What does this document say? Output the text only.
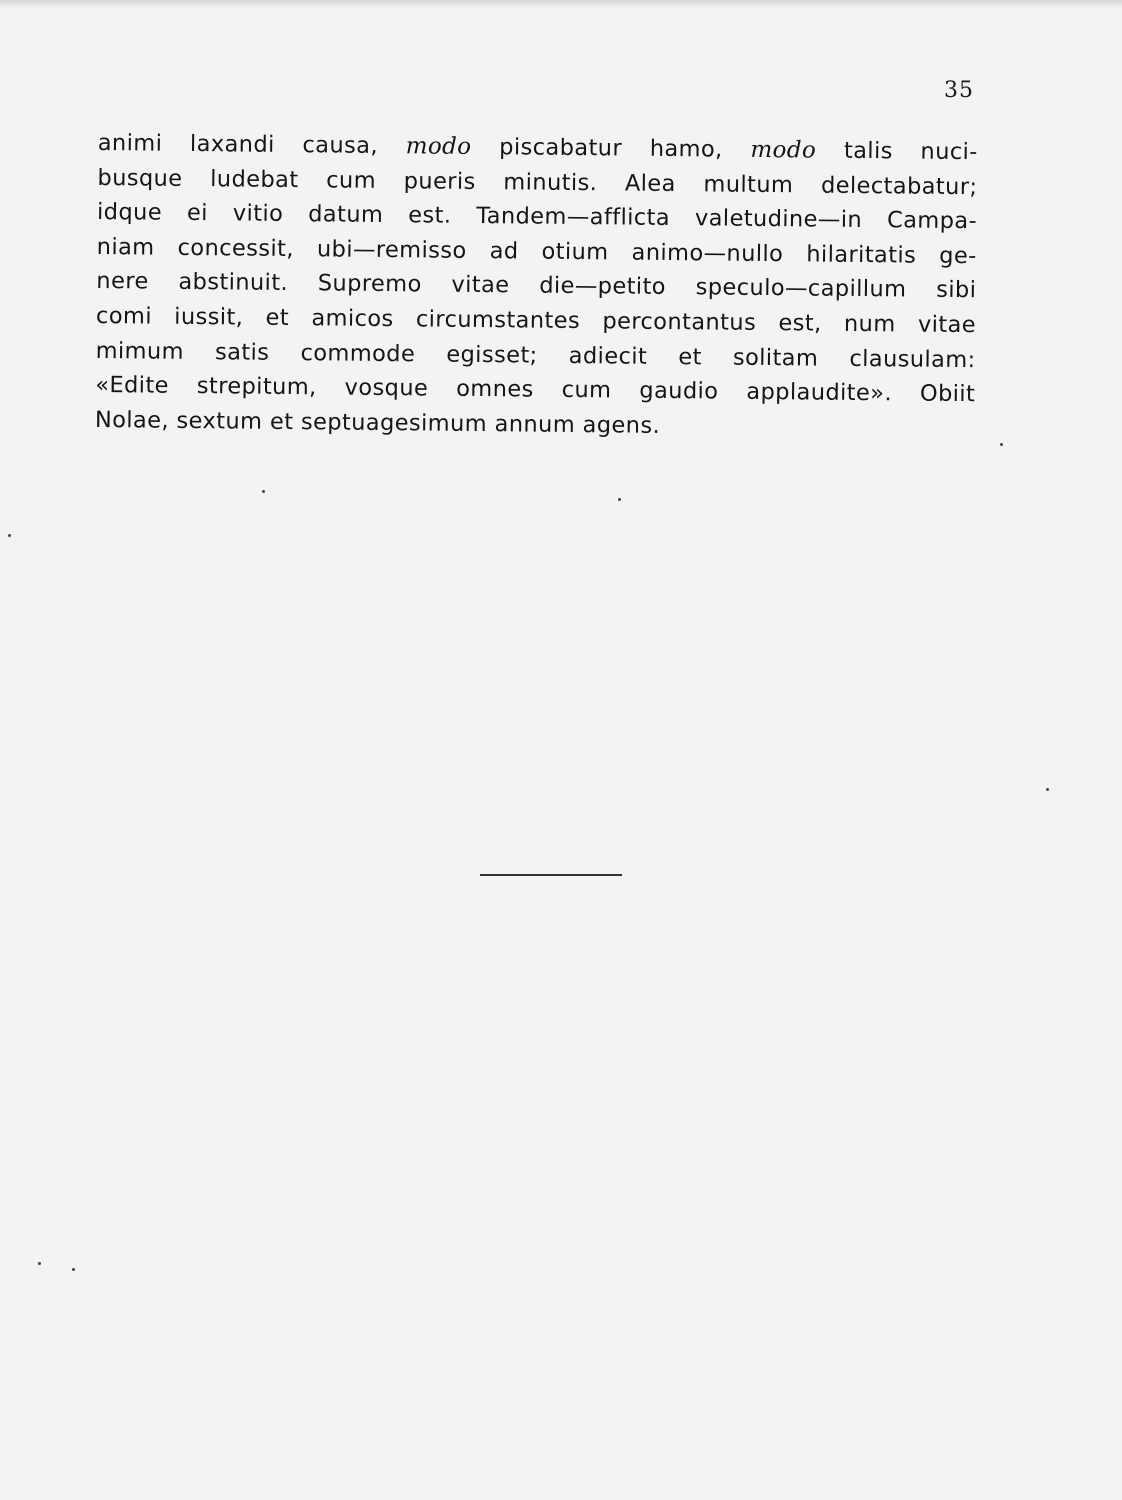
35
animi laxandi causa, modo piscabatur hamo, modo talis nuci-
busque ludebat cum pueris minutis. Alea multum delectabatur;
idque ei vitio datum est. Tandem—afflicta valetudine—in Campa-
niam concessit, ubi—remisso ad otium animo—nullo hilaritatis ge-
nere abstinuit. Supremo vitae die—petito speculo—capillum sibi
comi iussit, et amicos circumstantes percontantus est, num vitae
mimum satis commode egisset; adiecit et solitam clausulam:
«Edite strepitum, vosque omnes cum gaudio applaudite». Obiit
Nolae, sextum et septuagesimum annum agens.
